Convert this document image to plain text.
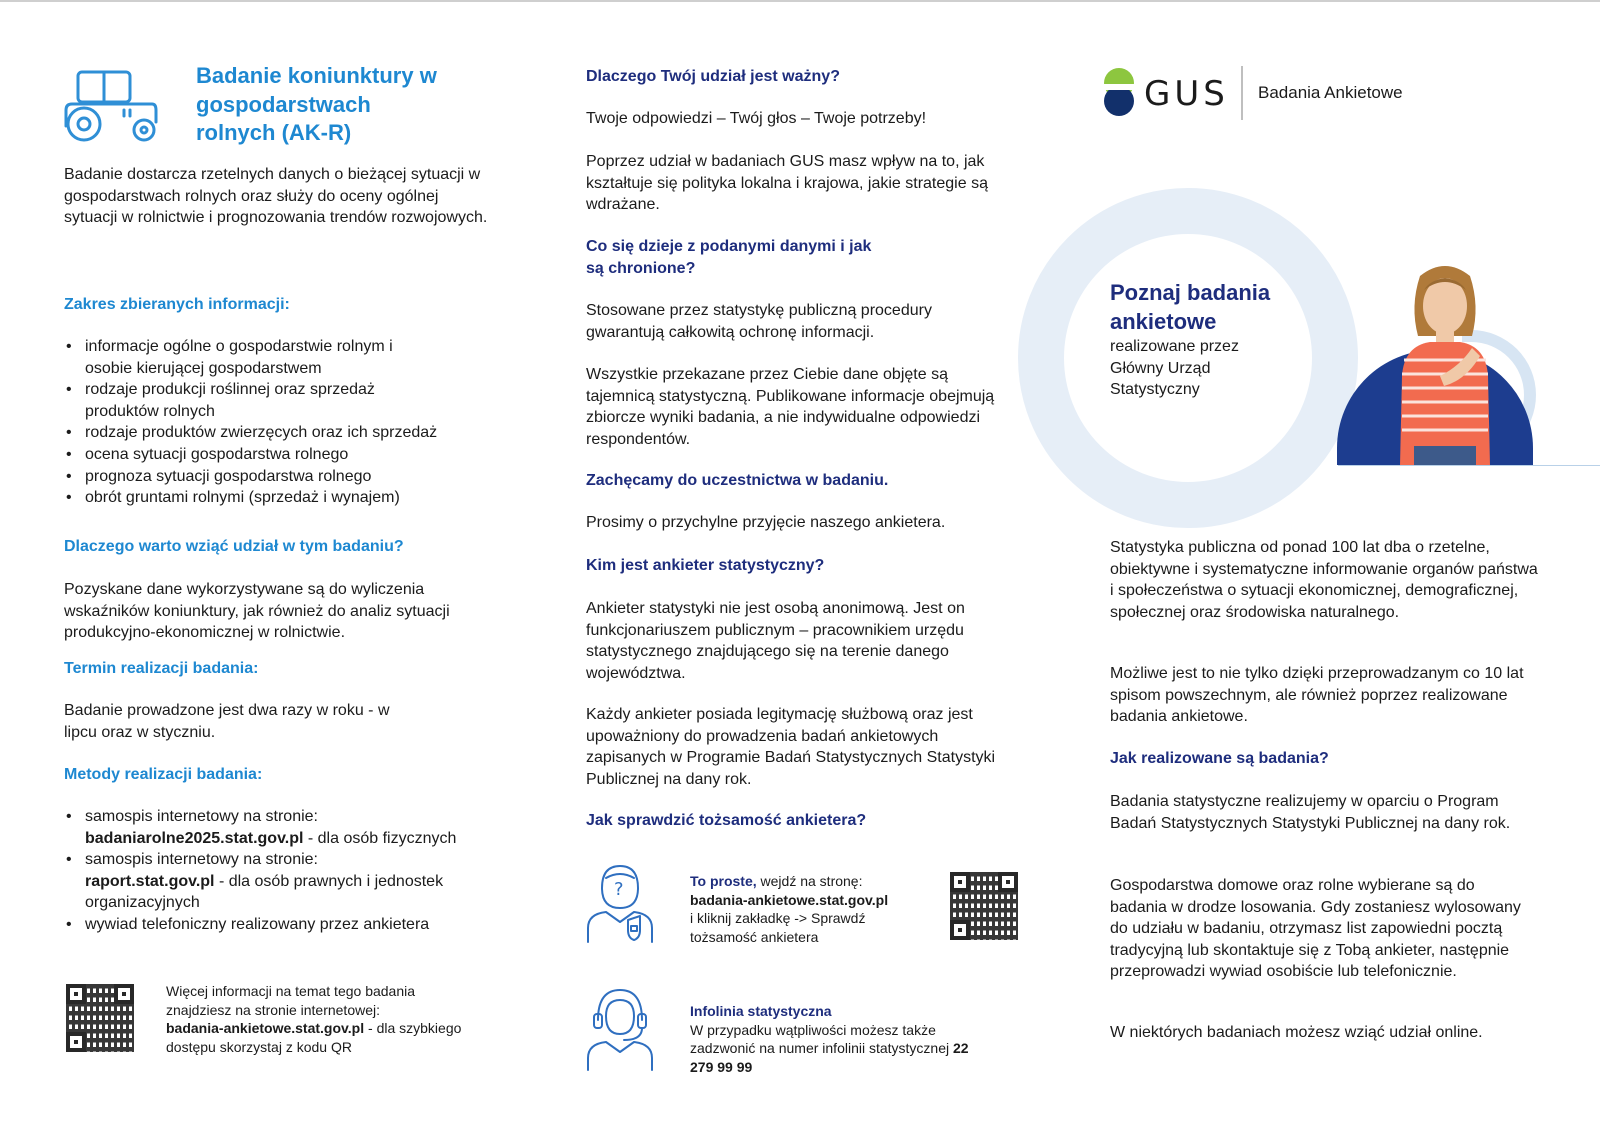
Badanie koniunktury w gospodarstwach rolnych (AK-R)

Badanie dostarcza rzetelnych danych o bieżącej sytuacji w gospodarstwach rolnych oraz służy do oceny ogólnej sytuacji w rolnictwie i prognozowania trendów rozwojowych.

Zakres zbieranych informacji:
• informacje ogólne o gospodarstwie rolnym i osobie kierującej gospodarstwem
• rodzaje produkcji roślinnej oraz sprzedaż produktów rolnych
• rodzaje produktów zwierzęcych oraz ich sprzedaż
• ocena sytuacji gospodarstwa rolnego
• prognoza sytuacji gospodarstwa rolnego
• obrót gruntami rolnymi (sprzedaż i wynajem)
Dlaczego warto wziąć udział w tym badaniu?

Pozyskane dane wykorzystywane są do wyliczenia wskaźników koniunktury, jak również do analiz sytuacji produkcyjno-ekonomicznej w rolnictwie.

Termin realizacji badania:

Badanie prowadzone jest dwa razy w roku - w lipcu oraz w styczniu.

Metody realizacji badania:
• samospis internetowy na stronie:
badaniarolne2025.stat.gov.pl - dla osób fizycznych
• samospis internetowy na stronie:
raport.stat.gov.pl - dla osób prawnych i jednostek organizacyjnych
• wywiad telefoniczny realizowany przez ankietera

Więcej informacji na temat tego badania znajdziesz na stronie internetowej:
badania-ankietowe.stat.gov.pl - dla szybkiego dostępu skorzystaj z kodu QR

Dlaczego Twój udział jest ważny?

Twoje odpowiedzi – Twój głos – Twoje potrzeby!

Poprzez udział w badaniach GUS masz wpływ na to, jak kształtuje się polityka lokalna i krajowa, jakie strategie są wdrażane.

Co się dzieje z podanymi danymi i jak są chronione?

Stosowane przez statystykę publiczną procedury gwarantują całkowitą ochronę informacji.

Wszystkie przekazane przez Ciebie dane objęte są tajemnicą statystyczną. Publikowane informacje obejmują zbiorcze wyniki badania, a nie indywidualne odpowiedzi respondentów.

Zachęcamy do uczestnictwa w badaniu.

Prosimy o przychylne przyjęcie naszego ankietera.

Kim jest ankieter statystyczny?

Ankieter statystyki nie jest osobą anonimową. Jest on funkcjonariuszem publicznym – pracownikiem urzędu statystycznego znajdującego się na terenie danego województwa.

Każdy ankieter posiada legitymację służbową oraz jest upoważniony do prowadzenia badań ankietowych zapisanych w Programie Badań Statystycznych Statystyki Publicznej na dany rok.

Jak sprawdzić tożsamość ankietera?
?	To proste, wejdź na stronę:
badania-ankietowe.stat.gov.pl
i kliknij zakładkę -> Sprawdź tożsamość ankietera

Infolinia statystyczna
W przypadku wątpliwości możesz także zadzwonić na numer infolinii statystycznej 22 279 99 99

GUS Badania Ankietowe
Poznaj badania ankietowe
realizowane przez Główny Urząd Statystyczny

Statystyka publiczna od ponad 100 lat dba o rzetelne, obiektywne i systematyczne informowanie organów państwa i społeczeństwa o sytuacji ekonomicznej, demograficznej, społecznej oraz środowiska naturalnego.

Możliwe jest to nie tylko dzięki przeprowadzanym co 10 lat spisom powszechnym, ale również poprzez realizowane badania ankietowe.

Jak realizowane są badania?

Badania statystyczne realizujemy w oparciu o Program Badań Statystycznych Statystyki Publicznej na dany rok.

Gospodarstwa domowe oraz rolne wybierane są do badania w drodze losowania. Gdy zostaniesz wylosowany do udziału w badaniu, otrzymasz list zapowiedni pocztą tradycyjną lub skontaktuje się z Tobą ankieter, następnie przeprowadzi wywiad osobiście lub telefonicznie.

W niektórych badaniach możesz wziąć udział online.
